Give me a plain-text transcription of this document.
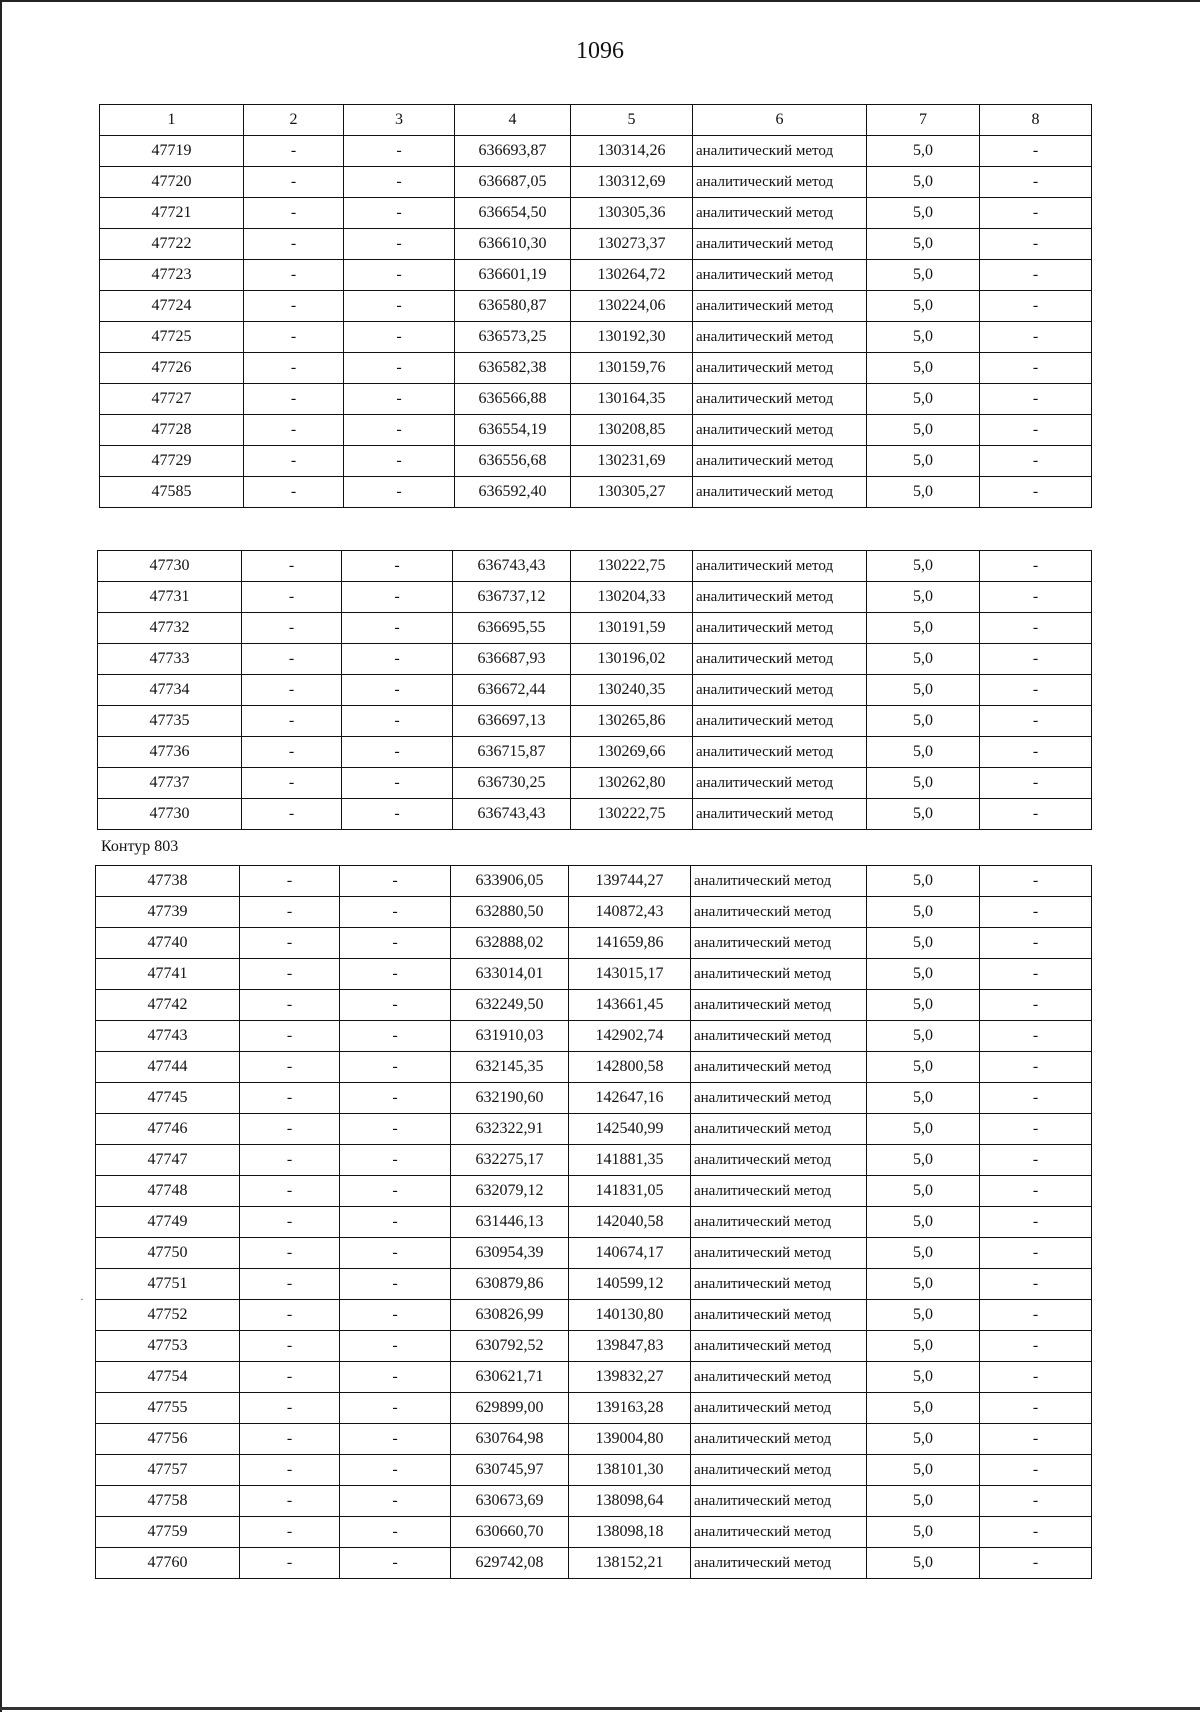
·
1096
1	2	3	4	5	6	7	8
47719	-	-	636693,87	130314,26	аналитический метод	5,0	-
47720	-	-	636687,05	130312,69	аналитический метод	5,0	-
47721	-	-	636654,50	130305,36	аналитический метод	5,0	-
47722	-	-	636610,30	130273,37	аналитический метод	5,0	-
47723	-	-	636601,19	130264,72	аналитический метод	5,0	-
47724	-	-	636580,87	130224,06	аналитический метод	5,0	-
47725	-	-	636573,25	130192,30	аналитический метод	5,0	-
47726	-	-	636582,38	130159,76	аналитический метод	5,0	-
47727	-	-	636566,88	130164,35	аналитический метод	5,0	-
47728	-	-	636554,19	130208,85	аналитический метод	5,0	-
47729	-	-	636556,68	130231,69	аналитический метод	5,0	-
47585	-	-	636592,40	130305,27	аналитический метод	5,0	-
47730	-	-	636743,43	130222,75	аналитический метод	5,0	-
47731	-	-	636737,12	130204,33	аналитический метод	5,0	-
47732	-	-	636695,55	130191,59	аналитический метод	5,0	-
47733	-	-	636687,93	130196,02	аналитический метод	5,0	-
47734	-	-	636672,44	130240,35	аналитический метод	5,0	-
47735	-	-	636697,13	130265,86	аналитический метод	5,0	-
47736	-	-	636715,87	130269,66	аналитический метод	5,0	-
47737	-	-	636730,25	130262,80	аналитический метод	5,0	-
47730	-	-	636743,43	130222,75	аналитический метод	5,0	-
Контур 803
47738	-	-	633906,05	139744,27	аналитический метод	5,0	-
47739	-	-	632880,50	140872,43	аналитический метод	5,0	-
47740	-	-	632888,02	141659,86	аналитический метод	5,0	-
47741	-	-	633014,01	143015,17	аналитический метод	5,0	-
47742	-	-	632249,50	143661,45	аналитический метод	5,0	-
47743	-	-	631910,03	142902,74	аналитический метод	5,0	-
47744	-	-	632145,35	142800,58	аналитический метод	5,0	-
47745	-	-	632190,60	142647,16	аналитический метод	5,0	-
47746	-	-	632322,91	142540,99	аналитический метод	5,0	-
47747	-	-	632275,17	141881,35	аналитический метод	5,0	-
47748	-	-	632079,12	141831,05	аналитический метод	5,0	-
47749	-	-	631446,13	142040,58	аналитический метод	5,0	-
47750	-	-	630954,39	140674,17	аналитический метод	5,0	-
47751	-	-	630879,86	140599,12	аналитический метод	5,0	-
47752	-	-	630826,99	140130,80	аналитический метод	5,0	-
47753	-	-	630792,52	139847,83	аналитический метод	5,0	-
47754	-	-	630621,71	139832,27	аналитический метод	5,0	-
47755	-	-	629899,00	139163,28	аналитический метод	5,0	-
47756	-	-	630764,98	139004,80	аналитический метод	5,0	-
47757	-	-	630745,97	138101,30	аналитический метод	5,0	-
47758	-	-	630673,69	138098,64	аналитический метод	5,0	-
47759	-	-	630660,70	138098,18	аналитический метод	5,0	-
47760	-	-	629742,08	138152,21	аналитический метод	5,0	-
